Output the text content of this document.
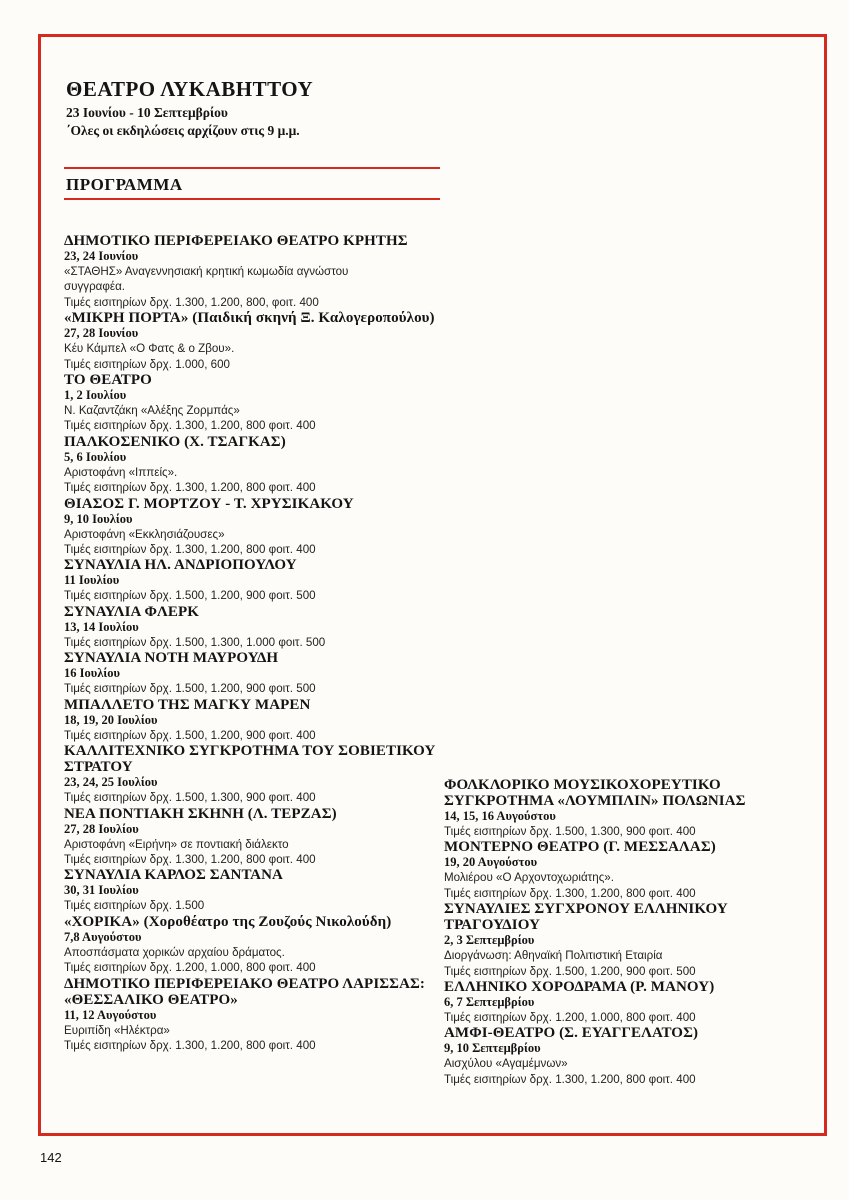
ΘΕΑΤΡΟ ΛΥΚΑΒΗΤΤΟΥ
23 Ιουνίου - 10 Σεπτεμβρίου
΄Ολες οι εκδηλώσεις αρχίζουν στις 9 μ.μ.
ΠΡΟΓΡΑΜΜΑ
ΔΗΜΟΤΙΚΟ ΠΕΡΙΦΕΡΕΙΑΚΟ ΘΕΑΤΡΟ ΚΡΗΤΗΣ
23, 24 Ιουνίου
«ΣΤΑΘΗΣ» Αναγεννησιακή κρητική κωμωδία αγνώστου
συγγραφέα.
Τιμές εισιτηρίων δρχ. 1.300, 1.200, 800, φοιτ. 400
«ΜΙΚΡΗ ΠΟΡΤΑ» (Παιδική σκηνή Ξ. Καλογεροπούλου)
27, 28 Ιουνίου
Κέυ Κάμπελ «Ο Φατς & ο Ζβου».
Τιμές εισιτηρίων δρχ. 1.000, 600
ΤΟ ΘΕΑΤΡΟ
1, 2 Ιουλίου
Ν. Καζαντζάκη «Αλέξης Ζορμπάς»
Τιμές εισιτηρίων δρχ. 1.300, 1.200, 800 φοιτ. 400
ΠΑΛΚΟΣΕΝΙΚΟ (Χ. ΤΣΑΓΚΑΣ)
5, 6 Ιουλίου
Αριστοφάνη «Ιππείς».
Τιμές εισιτηρίων δρχ. 1.300, 1.200, 800 φοιτ. 400
ΘΙΑΣΟΣ Γ. ΜΟΡΤΖΟΥ - Τ. ΧΡΥΣΙΚΑΚΟΥ
9, 10 Ιουλίου
Αριστοφάνη «Εκκλησιάζουσες»
Τιμές εισιτηρίων δρχ. 1.300, 1.200, 800 φοιτ. 400
ΣΥΝΑΥΛΙΑ ΗΛ. ΑΝΔΡΙΟΠΟΥΛΟΥ
11 Ιουλίου
Τιμές εισιτηρίων δρχ. 1.500, 1.200, 900 φοιτ. 500
ΣΥΝΑΥΛΙΑ ΦΛΕΡΚ
13, 14 Ιουλίου
Τιμές εισιτηρίων δρχ. 1.500, 1.300, 1.000 φοιτ. 500
ΣΥΝΑΥΛΙΑ ΝΟΤΗ ΜΑΥΡΟΥΔΗ
16 Ιουλίου
Τιμές εισιτηρίων δρχ. 1.500, 1.200, 900 φοιτ. 500
ΜΠΑΛΛΕΤΟ ΤΗΣ ΜΑΓΚΥ ΜΑΡΕΝ
18, 19, 20 Ιουλίου
Τιμές εισιτηρίων δρχ. 1.500, 1.200, 900 φοιτ. 400
ΚΑΛΛΙΤΕΧΝΙΚΟ ΣΥΓΚΡΟΤΗΜΑ ΤΟΥ ΣΟΒΙΕΤΙΚΟΥ ΣΤΡΑΤΟΥ
23, 24, 25 Ιουλίου
Τιμές εισιτηρίων δρχ. 1.500, 1.300, 900 φοιτ. 400
ΝΕΑ ΠΟΝΤΙΑΚΗ ΣΚΗΝΗ (Λ. ΤΕΡΖΑΣ)
27, 28 Ιουλίου
Αριστοφάνη «Ειρήνη» σε ποντιακή διάλεκτο
Τιμές εισιτηρίων δρχ. 1.300, 1.200, 800 φοιτ. 400
ΣΥΝΑΥΛΙΑ ΚΑΡΛΟΣ ΣΑΝΤΑΝΑ
30, 31 Ιουλίου
Τιμές εισιτηρίων δρχ. 1.500
«ΧΟΡΙΚΑ» (Χοροθέατρο της Ζουζούς Νικολούδη)
7,8 Αυγούστου
Αποσπάσματα χορικών αρχαίου δράματος.
Τιμές εισιτηρίων δρχ. 1.200, 1.000, 800 φοιτ. 400
ΔΗΜΟΤΙΚΟ ΠΕΡΙΦΕΡΕΙΑΚΟ ΘΕΑΤΡΟ ΛΑΡΙΣΣΑΣ: «ΘΕΣΣΑΛΙΚΟ ΘΕΑΤΡΟ»
11, 12 Αυγούστου
Ευριπίδη «Ηλέκτρα»
Τιμές εισιτηρίων δρχ. 1.300, 1.200, 800 φοιτ. 400
ΦΟΛΚΛΟΡΙΚΟ ΜΟΥΣΙΚΟΧΟΡΕΥΤΙΚΟ ΣΥΓΚΡΟΤΗΜΑ «ΛΟΥΜΠΛΙΝ» ΠΟΛΩΝΙΑΣ
14, 15, 16 Αυγούστου
Τιμές εισιτηρίων δρχ. 1.500, 1.300, 900 φοιτ. 400
ΜΟΝΤΕΡΝΟ ΘΕΑΤΡΟ (Γ. ΜΕΣΣΑΛΑΣ)
19, 20 Αυγούστου
Μολιέρου «Ο Αρχοντοχωριάτης».
Τιμές εισιτηρίων δρχ. 1.300, 1.200, 800 φοιτ. 400
ΣΥΝΑΥΛΙΕΣ ΣΥΓΧΡΟΝΟΥ ΕΛΛΗΝΙΚΟΥ ΤΡΑΓΟΥΔΙΟΥ
2, 3 Σεπτεμβρίου
Διοργάνωση: Αθηναϊκή Πολιτιστική Εταιρία
Τιμές εισιτηρίων δρχ. 1.500, 1.200, 900 φοιτ. 500
ΕΛΛΗΝΙΚΟ ΧΟΡΟΔΡΑΜΑ (Ρ. ΜΑΝΟΥ)
6, 7 Σεπτεμβρίου
Τιμές εισιτηρίων δρχ. 1.200, 1.000, 800 φοιτ. 400
ΑΜΦΙ-ΘΕΑΤΡΟ (Σ. ΕΥΑΓΓΕΛΑΤΟΣ)
9, 10 Σεπτεμβρίου
Αισχύλου «Αγαμέμνων»
Τιμές εισιτηρίων δρχ. 1.300, 1.200, 800 φοιτ. 400
142
